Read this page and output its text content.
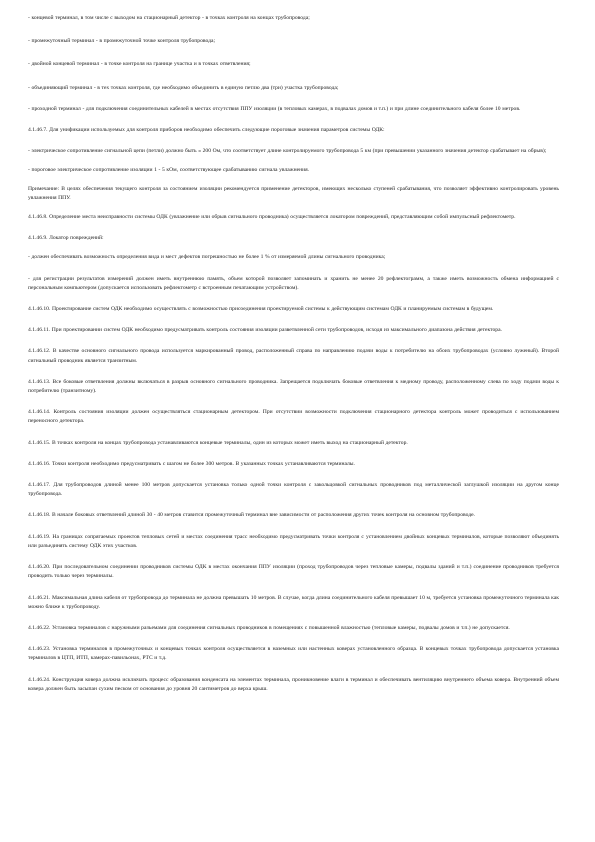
- концевой терминал, в том числе с выходом на стационарный детектор - в точках контроля на концах трубопровода;

- промежуточный терминал - в промежуточной точке контроля трубопровода;

- двойной концевой терминал - в точке контроля на границе участка и в точках ответвления;

- объединяющий терминал - в тех точках контроля, где необходимо объединить в единую петлю два (три) участка трубопровода;

- проходной терминал - для подключения соединительных кабелей в местах отсутствия ППУ изоляции (в тепловых камерах, в подвалах домов и т.п.) и при длине соединительного кабеля более 10 метров.

4.1.46.7. Для унификации используемых для контроля приборов необходимо обеспечить следующие пороговые значения параметров системы ОДК:

- электрическое сопротивление сигнальной цепи (петли) должно быть » 200 Ом, что соответствует длине контролируемого трубопровода 5 км (при превышении указанного значения детектор срабатывает на обрыв);

- пороговое электрическое сопротивление изоляции 1 - 5 кОм, соответствующее срабатыванию сигнала увлажнения.

Примечание: В целях обеспечения текущего контроля за состоянием изоляции рекомендуется применение детекторов, имеющих несколько ступеней срабатывания, что позволяет эффективно контролировать уровень увлажнения ППУ.

4.1.46.8. Определение места неисправности системы ОДК (увлажнение или обрыв сигнального проводника) осуществляется локатором повреждений, представляющим собой импульсный рефлектометр.

4.1.46.9. Локатор повреждений:

- должен обеспечивать возможность определения вида и мест дефектов погрешностью не более 1 % от измеряемой длины сигнального проводника;

- для регистрации результатов измерений должен иметь внутреннюю память, объем которой позволяет запоминать и хранить не менее 20 рефлектограмм, а также иметь возможность обмена информацией с персональным компьютером (допускается использовать рефлектометр с встроенным печатающим устройством).

4.1.46.10. Проектирование систем ОДК необходимо осуществлять с возможностью присоединения проектируемой системы к действующим системам ОДК и планируемым системам в будущем.

4.1.46.11. При проектировании систем ОДК необходимо предусматривать контроль состояния изоляции разветвленной сети трубопроводов, исходя из максимального диапазона действия детектора.

4.1.46.12. В качестве основного сигнального провода используется маркированный провод, расположенный справа по направлению подачи воды к потребителю на обоих трубопроводах (условно луженый). Второй сигнальный проводник является транзитным.

4.1.46.13. Все боковые ответвления должны включаться в разрыв основного сигнального проводника. Запрещается подключать боковые ответвления к медному проводу, расположенному слева по ходу подачи воды к потребителю (транзитному).

4.1.46.14. Контроль состояния изоляции должен осуществляться стационарным детектором. При отсутствии возможности подключения стационарного детектора контроль может проводиться с использованием переносного детектора.

4.1.46.15. В точках контроля на концах трубопровода устанавливаются концевые терминалы, один из которых может иметь выход на стационарный детектор.

4.1.46.16. Точки контроля необходимо предусматривать с шагом не более 300 метров. В указанных точках устанавливаются терминалы.

4.1.46.17. Для трубопроводов длиной менее 100 метров допускается установка только одной точки контроля с закольцовкой сигнальных проводников под металлической заглушкой изоляции на другом конце трубопровода.

4.1.46.18. В начале боковых ответвлений длиной 30 - 40 метров ставится промежуточный терминал вне зависимости от расположения других точек контроля на основном трубопроводе.

4.1.46.19. На границах сопрягаемых проектов тепловых сетей и местах соединения трасс необходимо предусматривать точки контроля с установлением двойных концевых терминалов, которые позволяют объединять или разъединять систему ОДК этих участков.

4.1.46.20. При последовательном соединении проводников системы ОДК в местах окончания ППУ изоляции (проход трубопроводов через тепловые камеры, подвалы зданий и т.п.) соединение проводников требуется проводить только через терминалы.

4.1.46.21. Максимальная длина кабеля от трубопровода до терминала не должна превышать 10 метров. В случае, когда длина соединительного кабеля превышает 10 м, требуется установка промежуточного терминала как можно ближе к трубопроводу.

4.1.46.22. Установка терминалов с наружными разъемами для соединения сигнальных проводников в помещениях с повышенной влажностью (тепловые камеры, подвалы домов и т.п.) не допускается.

4.1.46.23. Установка терминалов в промежуточных и концевых точках контроля осуществляется в наземных или настенных коверах установленного образца. В концевых точках трубопровода допускается установка терминалов в ЦТП, ИТП, камерах-павильонах, РТС и т.д.

4.1.46.24. Конструкция ковера должна исключать процесс образования конденсата на элементах терминала, проникновение влаги в терминал и обеспечивать вентиляцию внутреннего объема ковера. Внутренний объем ковера должен быть засыпан сухим песком от основания до уровня 20 сантиметров до верха крыш.
